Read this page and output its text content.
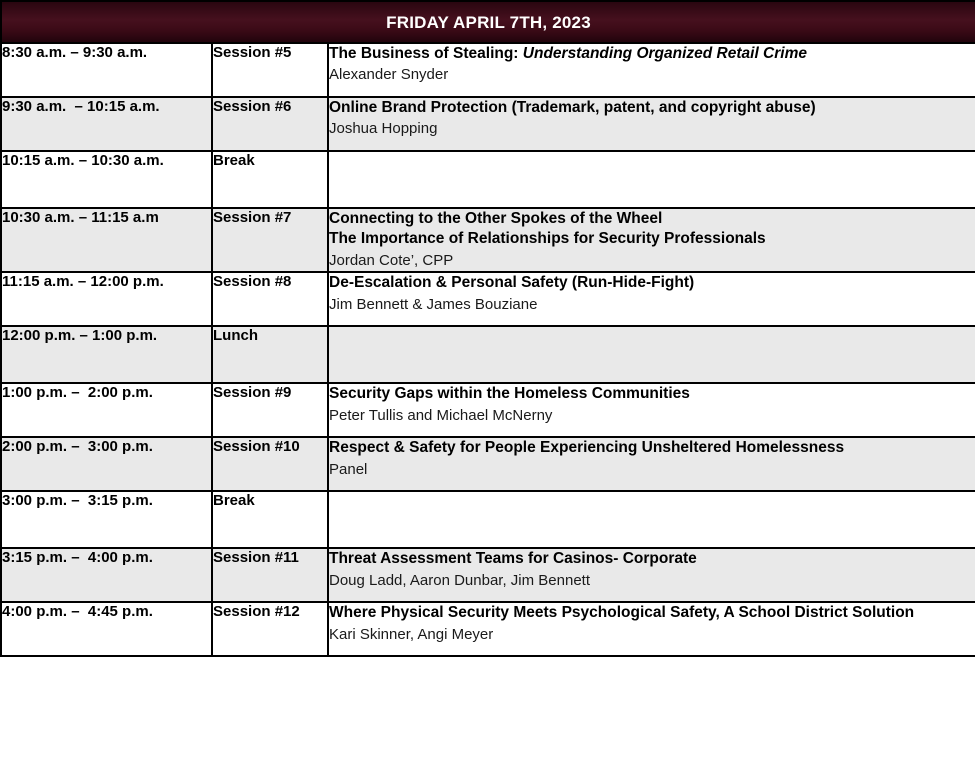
FRIDAY APRIL 7TH, 2023		

8:30 a.m. – 9:30 a.m.	Session #5	The Business of Stealing: Understanding Organized Retail Crime
Alexander Snyder

9:30 a.m.  – 10:15 a.m.	Session #6	Online Brand Protection (Trademark, patent, and copyright abuse)
Joshua Hopping

10:15 a.m. – 10:30 a.m.	Break	

10:30 a.m. – 11:15 a.m	Session #7	Connecting to the Other Spokes of the Wheel
The Importance of Relationships for Security Professionals
Jordan Cote’, CPP

11:15 a.m. – 12:00 p.m.	Session #8	De-Escalation & Personal Safety (Run-Hide-Fight)
Jim Bennett & James Bouziane

12:00 p.m. – 1:00 p.m.	Lunch	

1:00 p.m. –  2:00 p.m.	Session #9	Security Gaps within the Homeless Communities
Peter Tullis and Michael McNerny

2:00 p.m. –  3:00 p.m.	Session #10	Respect & Safety for People Experiencing Unsheltered Homelessness
Panel

3:00 p.m. –  3:15 p.m.	Break	

3:15 p.m. –  4:00 p.m.	Session #11	Threat Assessment Teams for Casinos- Corporate
Doug Ladd, Aaron Dunbar, Jim Bennett

4:00 p.m. –  4:45 p.m.	Session #12	Where Physical Security Meets Psychological Safety, A School District Solution
Kari Skinner, Angi Meyer
